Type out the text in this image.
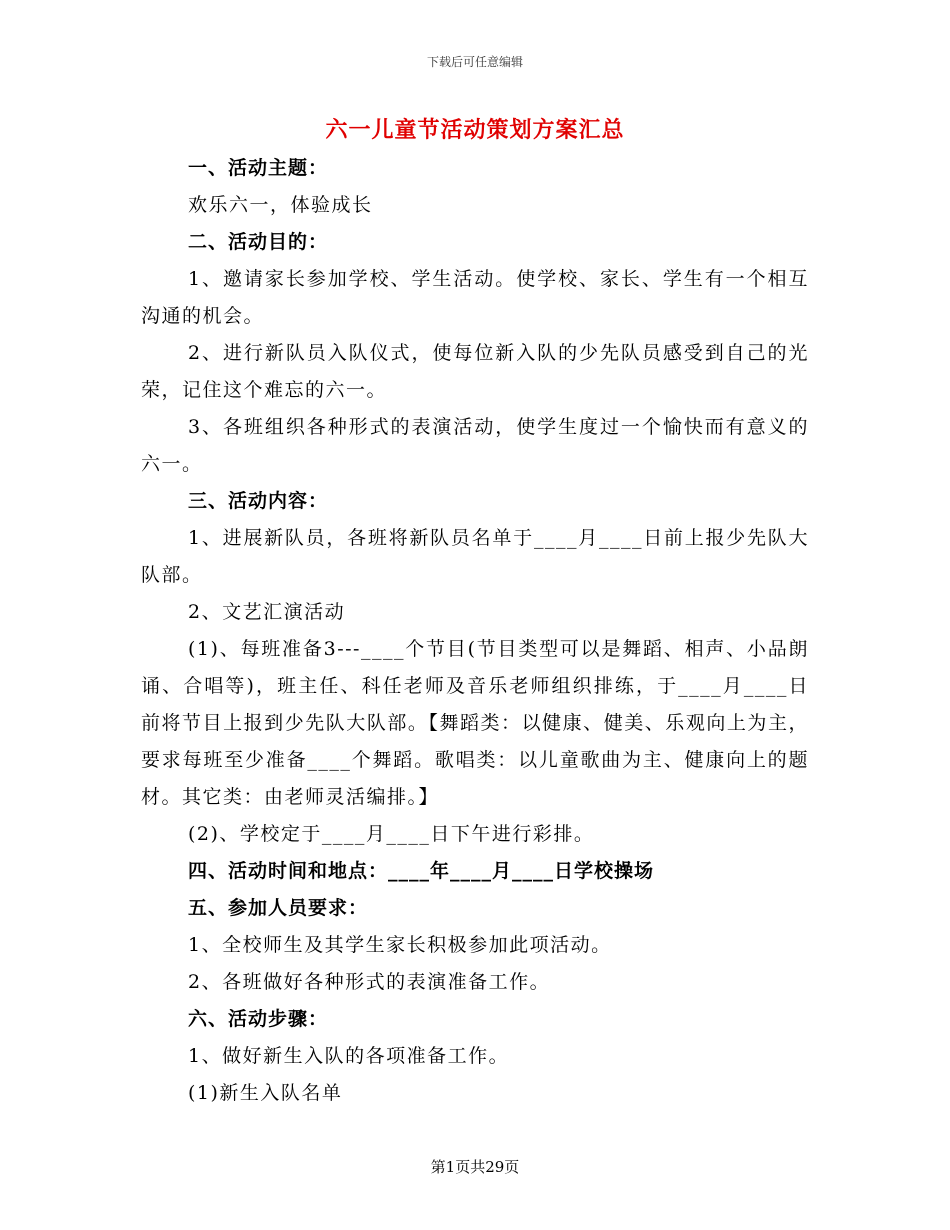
下载后可任意编辑
六一儿童节活动策划方案汇总

一、活动主题：

欢乐六一，体验成长

二、活动目的：

1、邀请家长参加学校、学生活动。使学校、家长、学生有一个相互沟通的机会。

2、进行新队员入队仪式，使每位新入队的少先队员感受到自己的光荣，记住这个难忘的六一。

3、各班组织各种形式的表演活动，使学生度过一个愉快而有意义的六一。

三、活动内容：

1、进展新队员，各班将新队员名单于____月____日前上报少先队大队部。

2、文艺汇演活动

(1)、每班准备3---____个节目(节目类型可以是舞蹈、相声、小品朗诵、合唱等)，班主任、科任老师及音乐老师组织排练，于____月____日前将节目上报到少先队大队部。【舞蹈类：以健康、健美、乐观向上为主，要求每班至少准备____个舞蹈。歌唱类：以儿童歌曲为主、健康向上的题材。其它类：由老师灵活编排。】

(2)、学校定于____月____日下午进行彩排。

四、活动时间和地点：____年____月____日学校操场

五、参加人员要求：

1、全校师生及其学生家长积极参加此项活动。

2、各班做好各种形式的表演准备工作。

六、活动步骤：

1、做好新生入队的各项准备工作。

(1)新生入队名单

第1页共29页
